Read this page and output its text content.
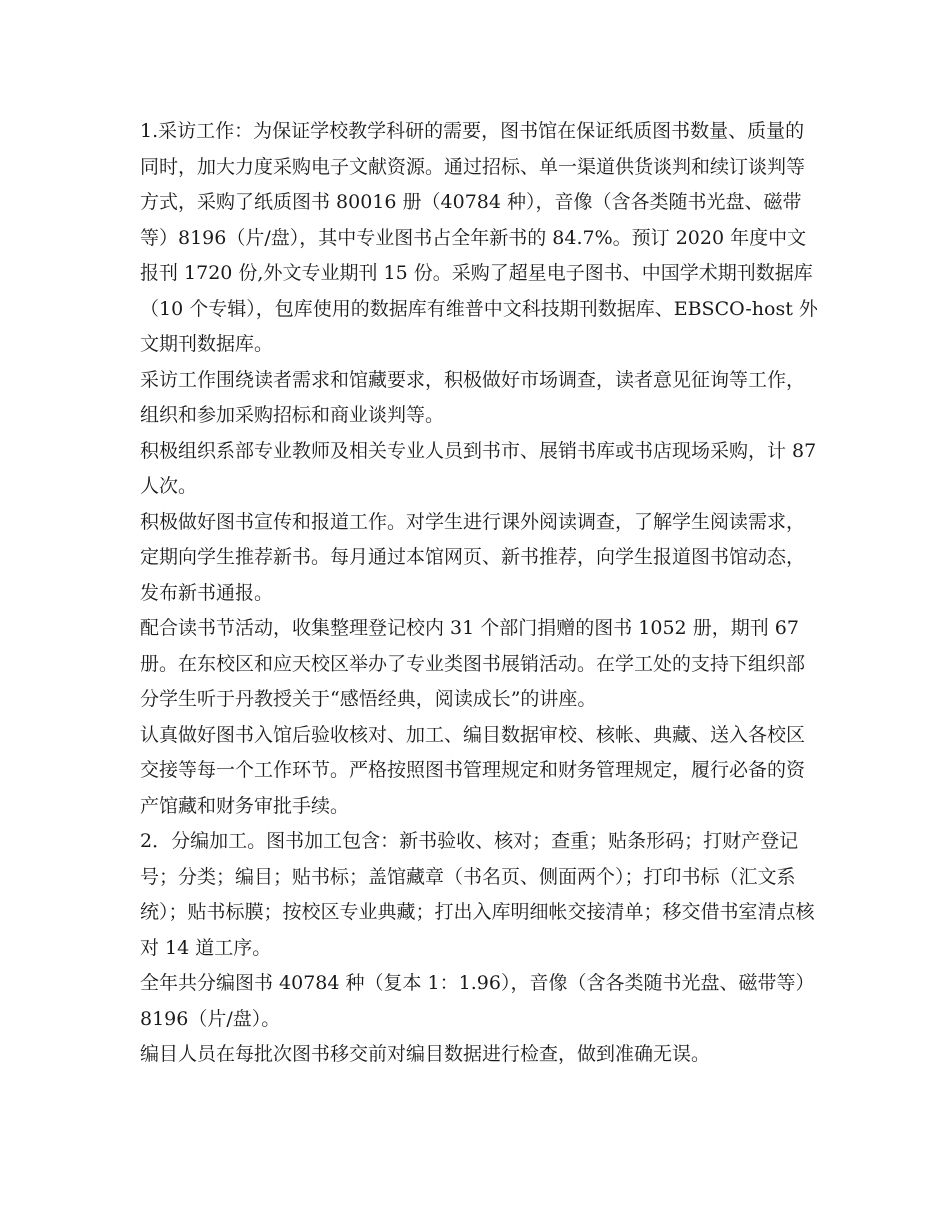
1.采访工作：为保证学校教学科研的需要，图书馆在保证纸质图书数量、质量的同时，加大力度采购电子文献资源。通过招标、单一渠道供货谈判和续订谈判等方式，采购了纸质图书 80016 册（40784 种），音像（含各类随书光盘、磁带等）8196（片/盘），其中专业图书占全年新书的 84.7%。预订 2020 年度中文报刊 1720 份,外文专业期刊 15 份。采购了超星电子图书、中国学术期刊数据库（10 个专辑），包库使用的数据库有维普中文科技期刊数据库、EBSCO-host 外文期刊数据库。

采访工作围绕读者需求和馆藏要求，积极做好市场调查，读者意见征询等工作，组织和参加采购招标和商业谈判等。

积极组织系部专业教师及相关专业人员到书市、展销书库或书店现场采购，计 87 人次。

积极做好图书宣传和报道工作。对学生进行课外阅读调查，了解学生阅读需求，定期向学生推荐新书。每月通过本馆网页、新书推荐，向学生报道图书馆动态，发布新书通报。

配合读书节活动，收集整理登记校内 31 个部门捐赠的图书 1052 册，期刊 67 册。在东校区和应天校区举办了专业类图书展销活动。在学工处的支持下组织部分学生听于丹教授关于“感悟经典，阅读成长”的讲座。

认真做好图书入馆后验收核对、加工、编目数据审校、核帐、典藏、送入各校区交接等每一个工作环节。严格按照图书管理规定和财务管理规定，履行必备的资产馆藏和财务审批手续。

2．分编加工。图书加工包含：新书验收、核对；查重；贴条形码；打财产登记号；分类；编目；贴书标；盖馆藏章（书名页、侧面两个）；打印书标（汇文系统）；贴书标膜；按校区专业典藏；打出入库明细帐交接清单；移交借书室清点核对 14 道工序。

全年共分编图书 40784 种（复本 1：1.96），音像（含各类随书光盘、磁带等）8196（片/盘）。

编目人员在每批次图书移交前对编目数据进行检查，做到准确无误。
